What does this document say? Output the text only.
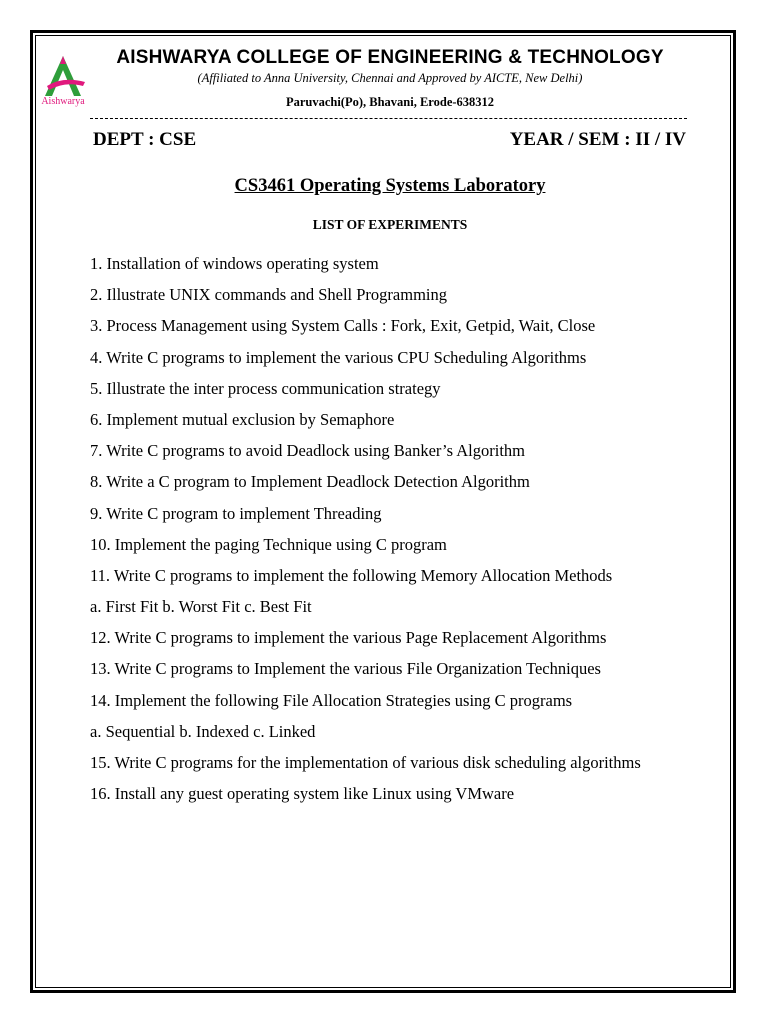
Aishwarya
AISHWARYA COLLEGE OF ENGINEERING & TECHNOLOGY
(Affiliated to Anna University, Chennai and Approved by AICTE, New Delhi)
Paruvachi(Po), Bhavani, Erode-638312
DEPT : CSE	YEAR / SEM : II / IV
CS3461 Operating Systems Laboratory
LIST OF EXPERIMENTS
1. Installation of windows operating system
2. Illustrate UNIX commands and Shell Programming
3. Process Management using System Calls : Fork, Exit, Getpid, Wait, Close
4. Write C programs to implement the various CPU Scheduling Algorithms
5. Illustrate the inter process communication strategy
6. Implement mutual exclusion by Semaphore
7. Write C programs to avoid Deadlock using Banker’s Algorithm
8. Write a C program to Implement Deadlock Detection Algorithm
9. Write C program to implement Threading
10. Implement the paging Technique using C program
11. Write C programs to implement the following Memory Allocation Methods
a. First Fit b. Worst Fit c. Best Fit
12. Write C programs to implement the various Page Replacement Algorithms
13. Write C programs to Implement the various File Organization Techniques
14. Implement the following File Allocation Strategies using C programs
a. Sequential b. Indexed c. Linked
15. Write C programs for the implementation of various disk scheduling algorithms
16. Install any guest operating system like Linux using VMware
